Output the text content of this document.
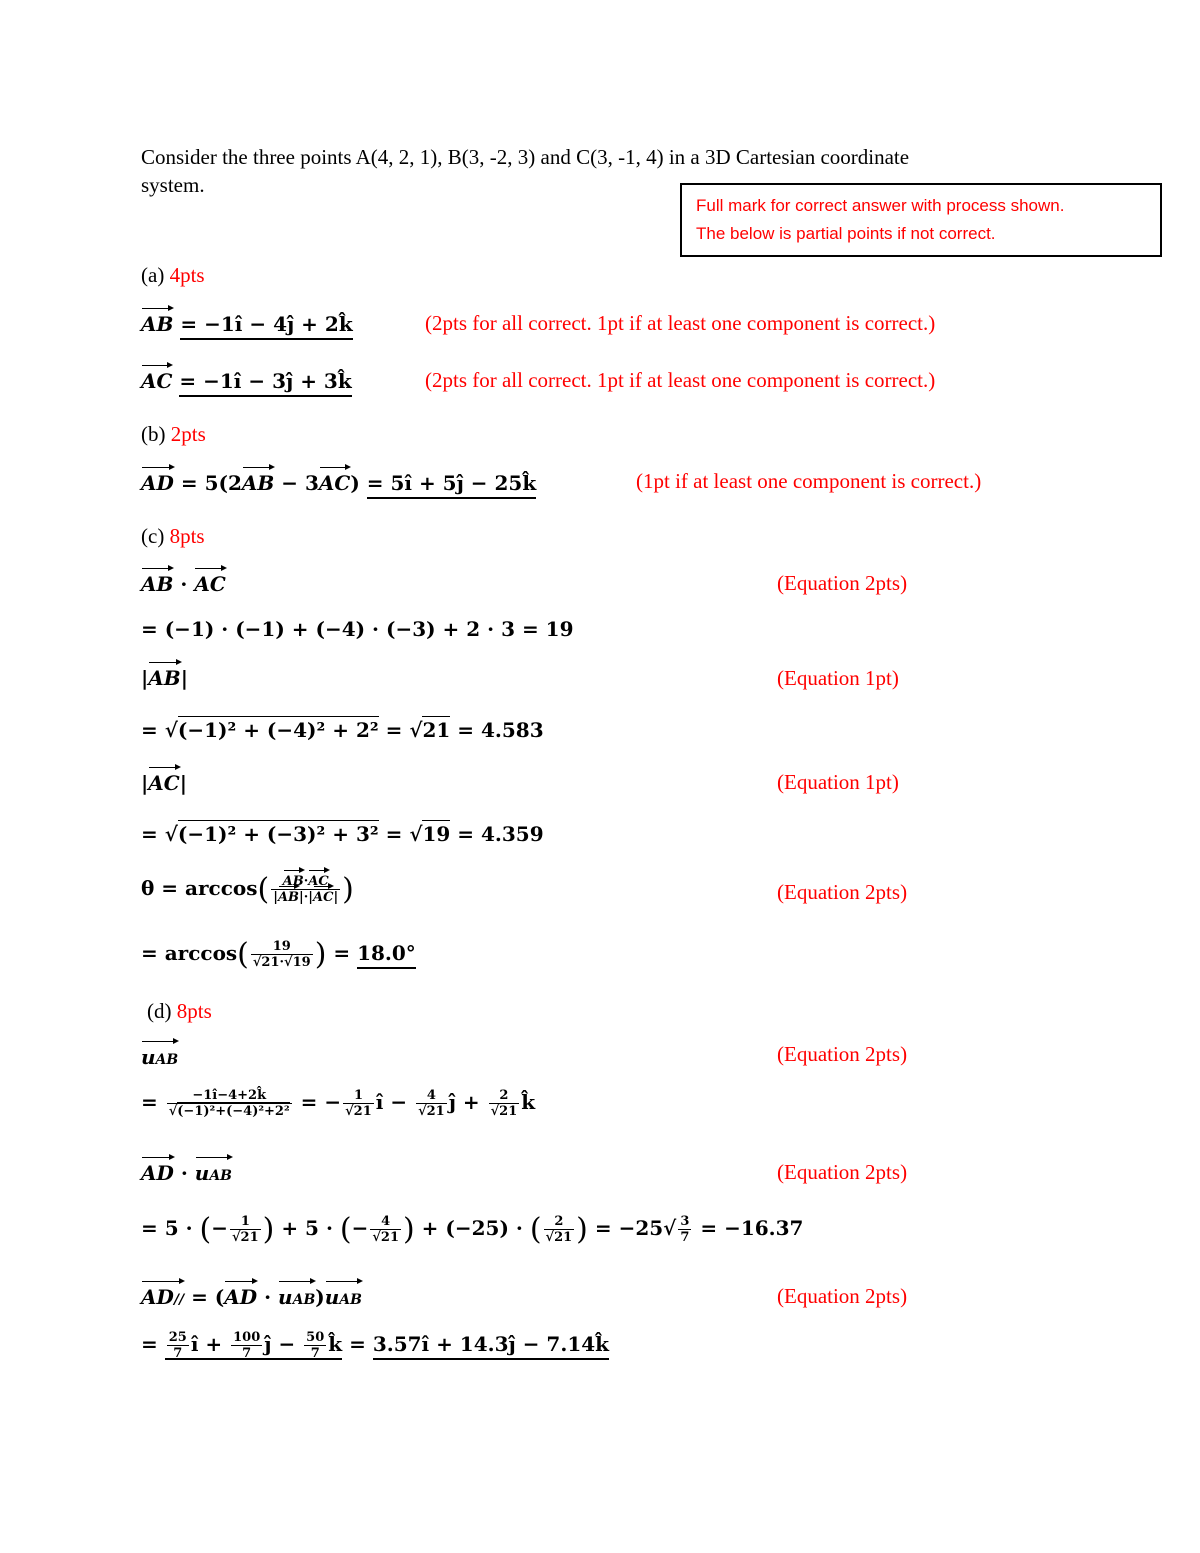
Consider the three points A(4, 2, 1), B(3, -2, 3) and C(3, -1, 4) in a 3D Cartesian coordinate
system.
Full mark for correct answer with process shown.
The below is partial points if not correct.
(a) 4pts
AB = −1î − 4ĵ + 2k̂	(2pts for all correct. 1pt if at least one component is correct.)
AC = −1î − 3ĵ + 3k̂	(2pts for all correct. 1pt if at least one component is correct.)
(b) 2pts
AD = 5(2AB − 3AC) = 5î + 5ĵ − 25k̂	(1pt if at least one component is correct.)
(c) 8pts
AB · AC	(Equation 2pts)
= (−1) · (−1) + (−4) · (−3) + 2 · 3 = 19
|AB|	(Equation 1pt)
= √(−1)² + (−4)² + 2² = √21 = 4.583
|AC|	(Equation 1pt)
= √(−1)² + (−3)² + 3² = √19 = 4.359
$\theta = \arccos( \frac{AB\cdot AC}{|AB|\cdot|AC|}$ )	(Equation 2pts)
= $\arccos( \frac{19}{√21\cdot√19}$ ) = 18.0°
(d) 8pts
uAB	(Equation 2pts)
= $\frac{-1î-4+2k̂}{\text{√(−1)²+(−4)²+2²}}$ = − $\frac{1}{√21}$ î − $\frac{4}{√21}$ ĵ + $\frac{2}{√21}$ k̂
AD · uAB	(Equation 2pts)
= 5 · (− $\frac{1}{√21}$ ) + 5 · (− $\frac{4}{√21}$ ) + (−25) · ( $\frac{2}{√21}$ ) = $-25√ \frac{3}{7} = -16.37$
AD// = (AD · uAB)uAB	(Equation 2pts)
= $\frac{25}{7}$ î + $\frac{100}{7}$ ĵ − $\frac{50}{7}$ k̂ = 3.57î + 14.3ĵ − 7.14k̂
